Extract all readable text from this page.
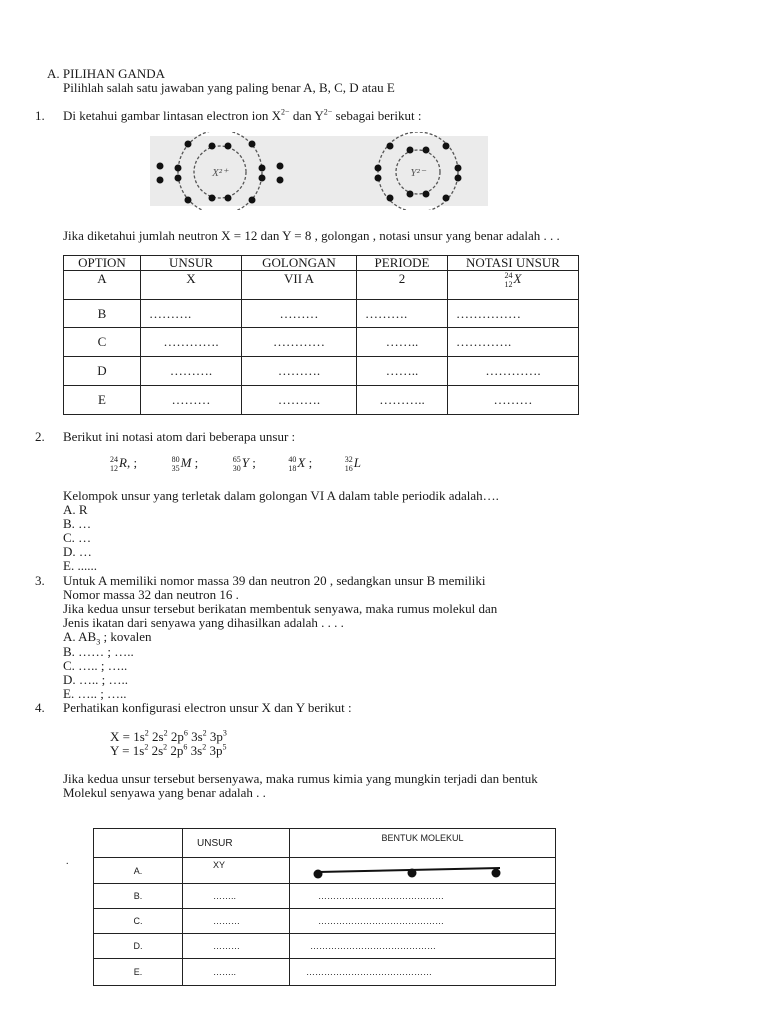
A. PILIHAN GANDA
Pilihlah salah satu jawaban yang paling benar A, B, C, D atau E
1. Di ketahui gambar lintasan electron ion $X^{2-}$ dan $Y^{2-}$ sebagai berikut :
X²⁺	Y²⁻
Jika diketahui jumlah neutron X = 12 dan Y = 8 , golongan , notasi unsur yang benar adalah . . .
OPTION	UNSUR	GOLONGAN	PERIODE	NOTASI UNSUR
A	X	VII A	2	24
12 X
B	……….	………	……….	……………
C	………….	…………	……..	………….
D	……….	……….	……..	………….
E	………	……….	………..	………
2. Berikut ini notasi atom dari beberapa unsur :
24
12 R, ;	80
35 M ;	65
30 Y ;	40
18 X ;	32
16 L
Kelompok unsur yang terletak dalam golongan VI A dalam table periodik adalah….
A. R
B. …
C. …
D. …
E. ......
3. Untuk A memiliki nomor massa 39 dan neutron 20 , sedangkan unsur B memiliki
Nomor massa 32 dan neutron 16 .
Jika kedua unsur tersebut berikatan membentuk senyawa, maka rumus molekul dan
Jenis ikatan dari senyawa yang dihasilkan adalah . . . .
A. $AB_3$ ; kovalen
B. …… ; …..
C. ….. ; …..
D. ….. ; …..
E. ….. ; …..
4. Perhatikan konfigurasi electron unsur X dan Y berikut :
$X = 1s^2$ $2s^2$ $2p^6$ $3s^2$ $3p^3$
$Y = 1s^2$ $2s^2$ $2p^6$ $3s^2$ $3p^5$
Jika kedua unsur tersebut bersenyawa, maka rumus kimia yang mungkin terjadi dan bentuk
Molekul senyawa yang benar adalah . .
.
	UNSUR	BENTUK MOLEKUL
A.	XY	

B.	……..	……………………………………
C.	………	……………………………………
D.	………	……………………………………
E.	……..	……………………………………
